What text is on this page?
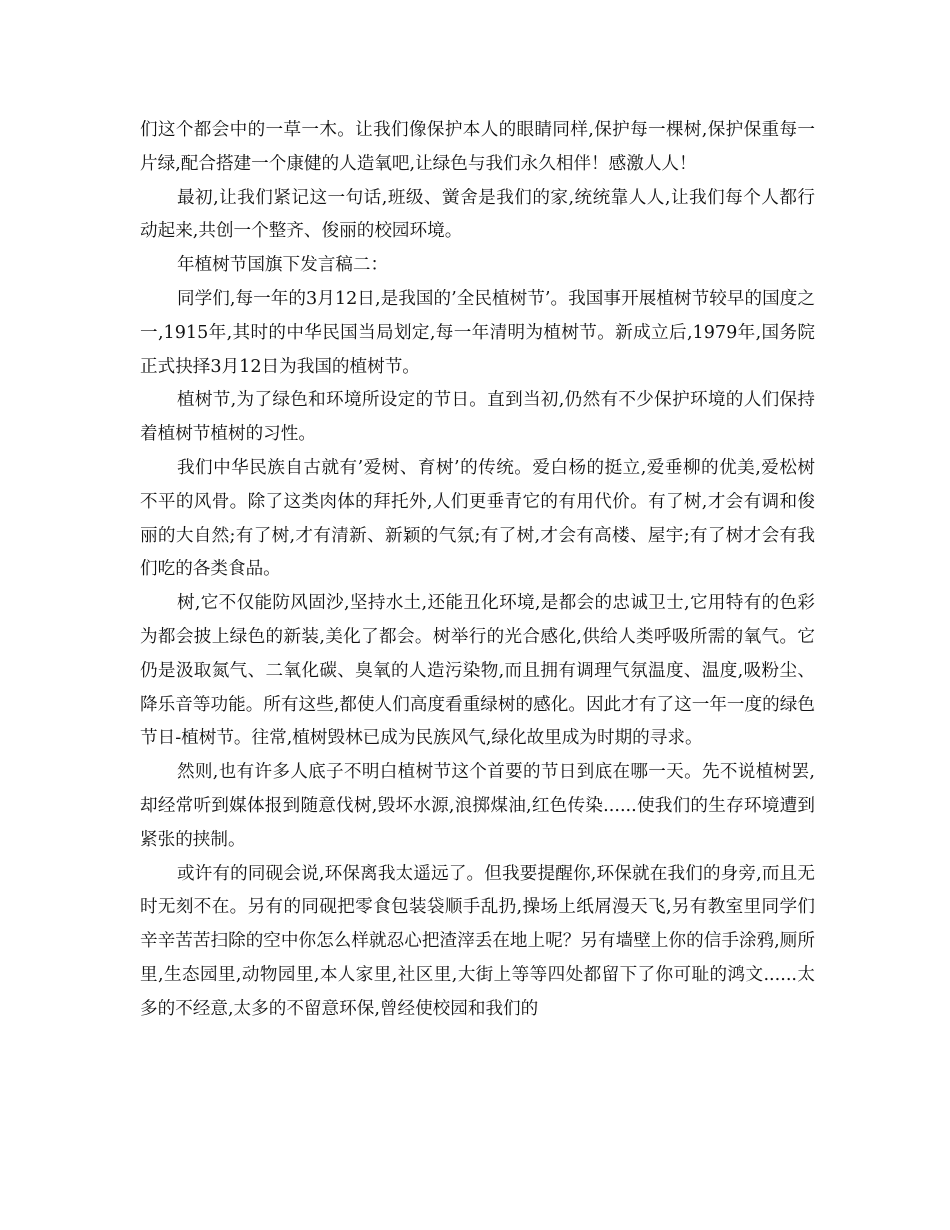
们这个都会中的一草一木。让我们像保护本人的眼睛同样,保护每一棵树,保护保重每一片绿,配合搭建一个康健的人造氧吧,让绿色与我们永久相伴！感激人人！

最初,让我们紧记这一句话,班级、黉舍是我们的家,统统靠人人,让我们每个人都行动起来,共创一个整齐、俊丽的校园环境。

年植树节国旗下发言稿二：

同学们,每一年的3月12日,是我国的’全民植树节’。我国事开展植树节较早的国度之一,1915年,其时的中华民国当局划定,每一年清明为植树节。新成立后,1979年,国务院正式抉择3月12日为我国的植树节。

植树节,为了绿色和环境所设定的节日。直到当初,仍然有不少保护环境的人们保持着植树节植树的习性。

我们中华民族自古就有’爱树、育树’的传统。爱白杨的挺立,爱垂柳的优美,爱松树不平的风骨。除了这类肉体的拜托外,人们更垂青它的有用代价。有了树,才会有调和俊丽的大自然;有了树,才有清新、新颖的气氛;有了树,才会有高楼、屋宇;有了树才会有我们吃的各类食品。

树,它不仅能防风固沙,坚持水土,还能丑化环境,是都会的忠诚卫士,它用特有的色彩为都会披上绿色的新装,美化了都会。树举行的光合感化,供给人类呼吸所需的氧气。它仍是汲取氮气、二氧化碳、臭氧的人造污染物,而且拥有调理气氛温度、温度,吸粉尘、降乐音等功能。所有这些,都使人们高度看重绿树的感化。因此才有了这一年一度的绿色节日-植树节。往常,植树毁林已成为民族风气,绿化故里成为时期的寻求。

然则,也有许多人底子不明白植树节这个首要的节日到底在哪一天。先不说植树罢,却经常听到媒体报到随意伐树,毁坏水源,浪掷煤油,红色传染......使我们的生存环境遭到紧张的挟制。

或许有的同砚会说,环保离我太遥远了。但我要提醒你,环保就在我们的身旁,而且无时无刻不在。另有的同砚把零食包装袋顺手乱扔,操场上纸屑漫天飞,另有教室里同学们辛辛苦苦扫除的空中你怎么样就忍心把渣滓丢在地上呢？另有墙壁上你的信手涂鸦,厕所里,生态园里,动物园里,本人家里,社区里,大街上等等四处都留下了你可耻的鸿文......太多的不经意,太多的不留意环保,曾经使校园和我们的
